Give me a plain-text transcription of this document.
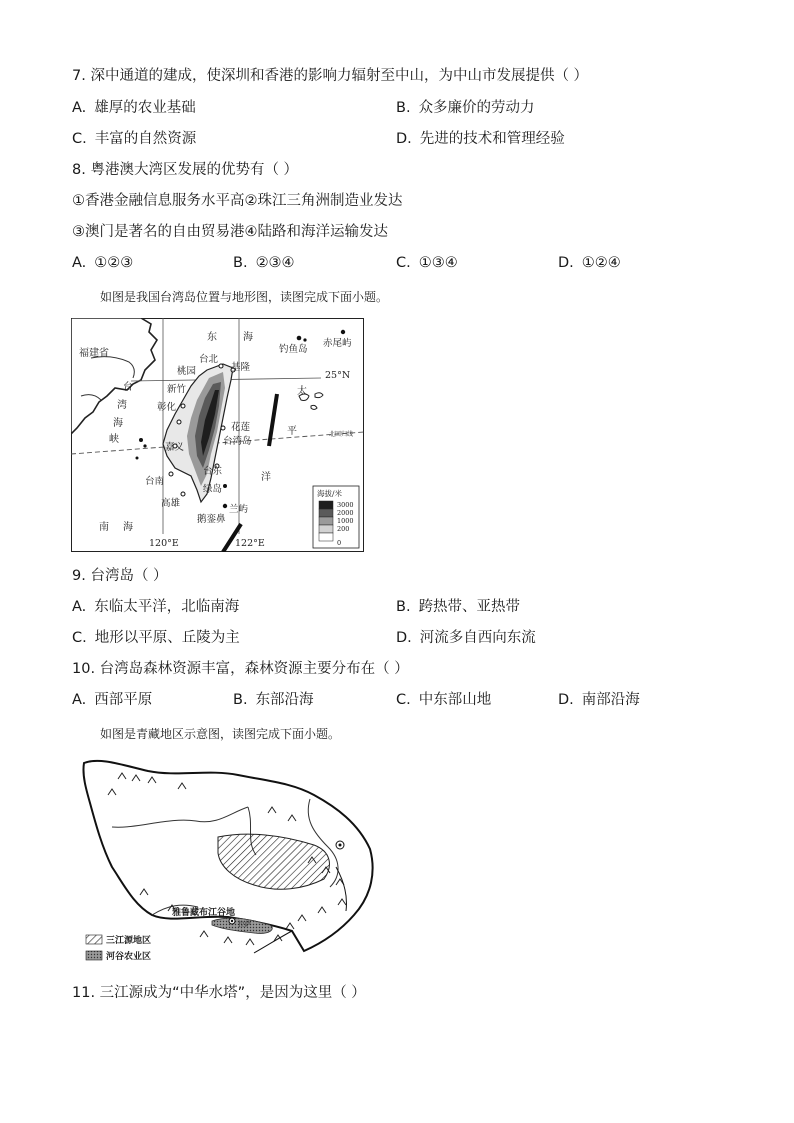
7. 深中通道的建成，使深圳和香港的影响力辐射至中山，为中山市发展提供（ ）
A. 雄厚的农业基础	B. 众多廉价的劳动力
C. 丰富的自然资源	D. 先进的技术和管理经验
8. 粤港澳大湾区发展的优势有（ ）
①香港金融信息服务水平高②珠江三角洲制造业发达
③澳门是著名的自由贸易港④陆路和海洋运输发达
A. ①②③	B. ②③④	C. ①③④	D. ①②④
如图是我国台湾岛位置与地形图，读图完成下面小题。
福建省
东	海
台北
基隆
钓鱼岛
赤尾屿
桃园	25°N
台
湾
海
峡
新竹
彰化
嘉义
太
平
洋
花莲
台湾岛
北回归线
台东
绿岛
台南
高雄
兰屿
鹅銮鼻
南 海
120°E	122°E
海拔/米
3000
2000
1000
200
0
9. 台湾岛（ ）
A. 东临太平洋，北临南海	B. 跨热带、亚热带
C. 地形以平原、丘陵为主	D. 河流多自西向东流
10. 台湾岛森林资源丰富，森林资源主要分布在（ ）
A. 西部平原	B. 东部沿海	C. 中东部山地	D. 南部沿海
如图是青藏地区示意图，读图完成下面小题。
雅鲁藏布江谷地
拉萨
三江源地区
河谷农业区
11. 三江源成为“中华水塔”，是因为这里（ ）
